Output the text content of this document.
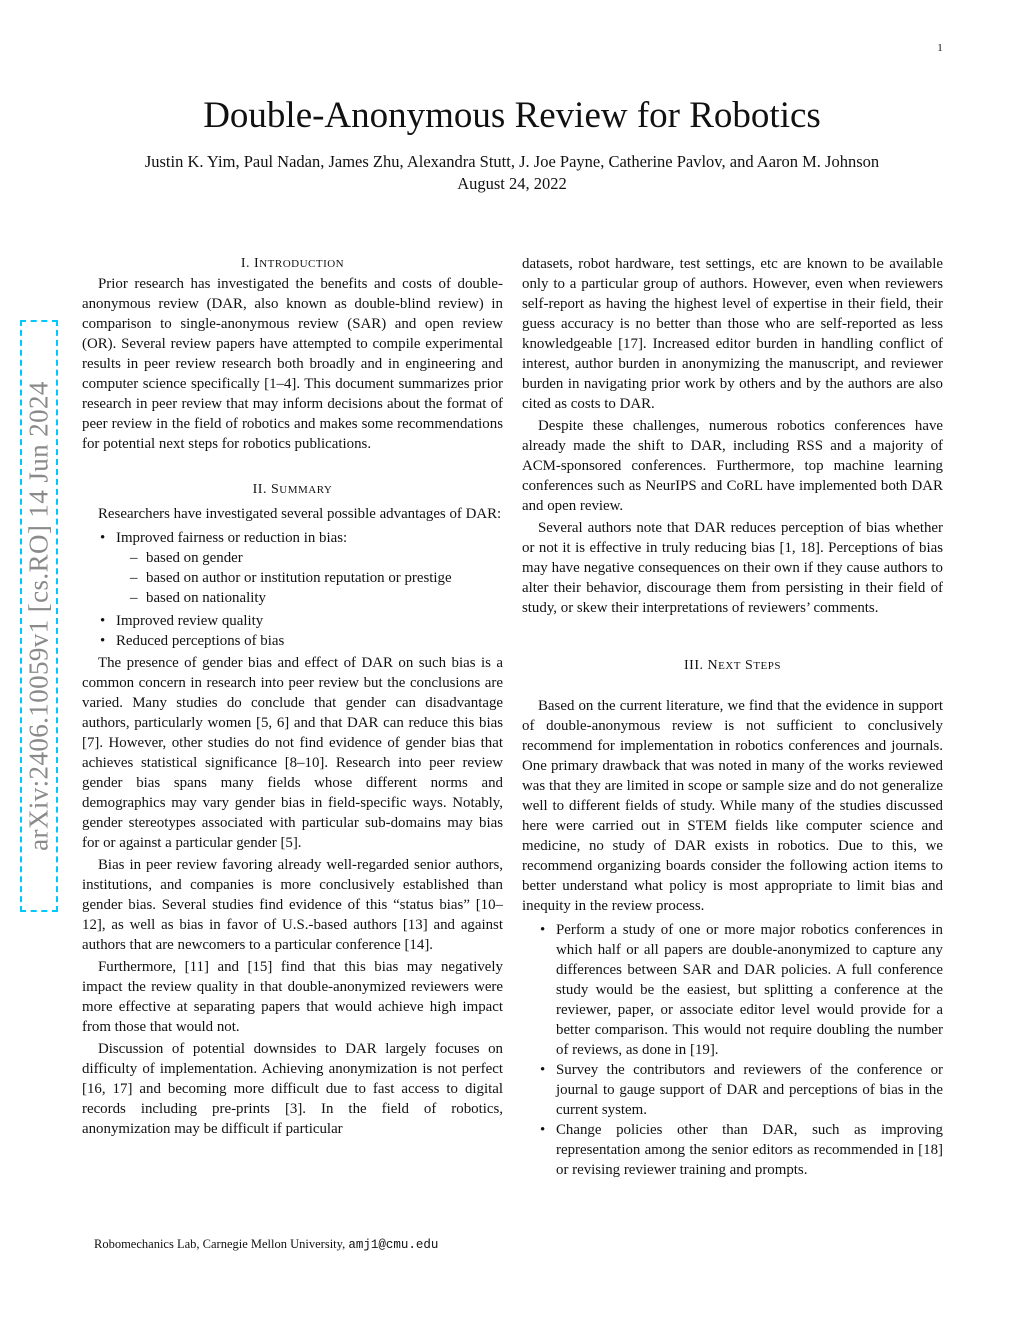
1
Double-Anonymous Review for Robotics
Justin K. Yim, Paul Nadan, James Zhu, Alexandra Stutt, J. Joe Payne, Catherine Pavlov, and Aaron M. Johnson
August 24, 2022
arXiv:2406.10059v1 [cs.RO] 14 Jun 2024
I. INTRODUCTION

Prior research has investigated the benefits and costs of double-anonymous review (DAR, also known as double-blind review) in comparison to single-anonymous review (SAR) and open review (OR). Several review papers have attempted to compile experimental results in peer review research both broadly and in engineering and computer science specifically [1–4]. This document summarizes prior research in peer review that may inform decisions about the format of peer review in the field of robotics and makes some recommendations for potential next steps for robotics publications.

II. SUMMARY

Researchers have investigated several possible advantages of DAR:

• Improved fairness or reduction in bias:
– based on gender
– based on author or institution reputation or prestige
– based on nationality
• Improved review quality
• Reduced perceptions of bias

The presence of gender bias and effect of DAR on such bias is a common concern in research into peer review but the conclusions are varied. Many studies do conclude that gender can disadvantage authors, particularly women [5, 6] and that DAR can reduce this bias [7]. However, other studies do not find evidence of gender bias that achieves statistical significance [8–10]. Research into peer review gender bias spans many fields whose different norms and demographics may vary gender bias in field-specific ways. Notably, gender stereotypes associated with particular sub-domains may bias for or against a particular gender [5].

Bias in peer review favoring already well-regarded senior authors, institutions, and companies is more conclusively established than gender bias. Several studies find evidence of this “status bias” [10–12], as well as bias in favor of U.S.-based authors [13] and against authors that are newcomers to a particular conference [14].

Furthermore, [11] and [15] find that this bias may negatively impact the review quality in that double-anonymized reviewers were more effective at separating papers that would achieve high impact from those that would not.

Discussion of potential downsides to DAR largely focuses on difficulty of implementation. Achieving anonymization is not perfect [16, 17] and becoming more difficult due to fast access to digital records including pre-prints [3]. In the field of robotics, anonymization may be difficult if particular

Robomechanics Lab, Carnegie Mellon University, amj1@cmu.edu

datasets, robot hardware, test settings, etc are known to be available only to a particular group of authors. However, even when reviewers self-report as having the highest level of expertise in their field, their guess accuracy is no better than those who are self-reported as less knowledgeable [17]. Increased editor burden in handling conflict of interest, author burden in anonymizing the manuscript, and reviewer burden in navigating prior work by others and by the authors are also cited as costs to DAR.

Despite these challenges, numerous robotics conferences have already made the shift to DAR, including RSS and a majority of ACM-sponsored conferences. Furthermore, top machine learning conferences such as NeurIPS and CoRL have implemented both DAR and open review.

Several authors note that DAR reduces perception of bias whether or not it is effective in truly reducing bias [1, 18]. Perceptions of bias may have negative consequences on their own if they cause authors to alter their behavior, discourage them from persisting in their field of study, or skew their interpretations of reviewers’ comments.

III. NEXT STEPS

Based on the current literature, we find that the evidence in support of double-anonymous review is not sufficient to conclusively recommend for implementation in robotics conferences and journals. One primary drawback that was noted in many of the works reviewed was that they are limited in scope or sample size and do not generalize well to different fields of study. While many of the studies discussed here were carried out in STEM fields like computer science and medicine, no study of DAR exists in robotics. Due to this, we recommend organizing boards consider the following action items to better understand what policy is most appropriate to limit bias and inequity in the review process.

• Perform a study of one or more major robotics conferences in which half or all papers are double-anonymized to capture any differences between SAR and DAR policies. A full conference study would be the easiest, but splitting a conference at the reviewer, paper, or associate editor level would provide for a better comparison. This would not require doubling the number of reviews, as done in [19].
• Survey the contributors and reviewers of the conference or journal to gauge support of DAR and perceptions of bias in the current system.
• Change policies other than DAR, such as improving representation among the senior editors as recommended in [18] or revising reviewer training and prompts.
